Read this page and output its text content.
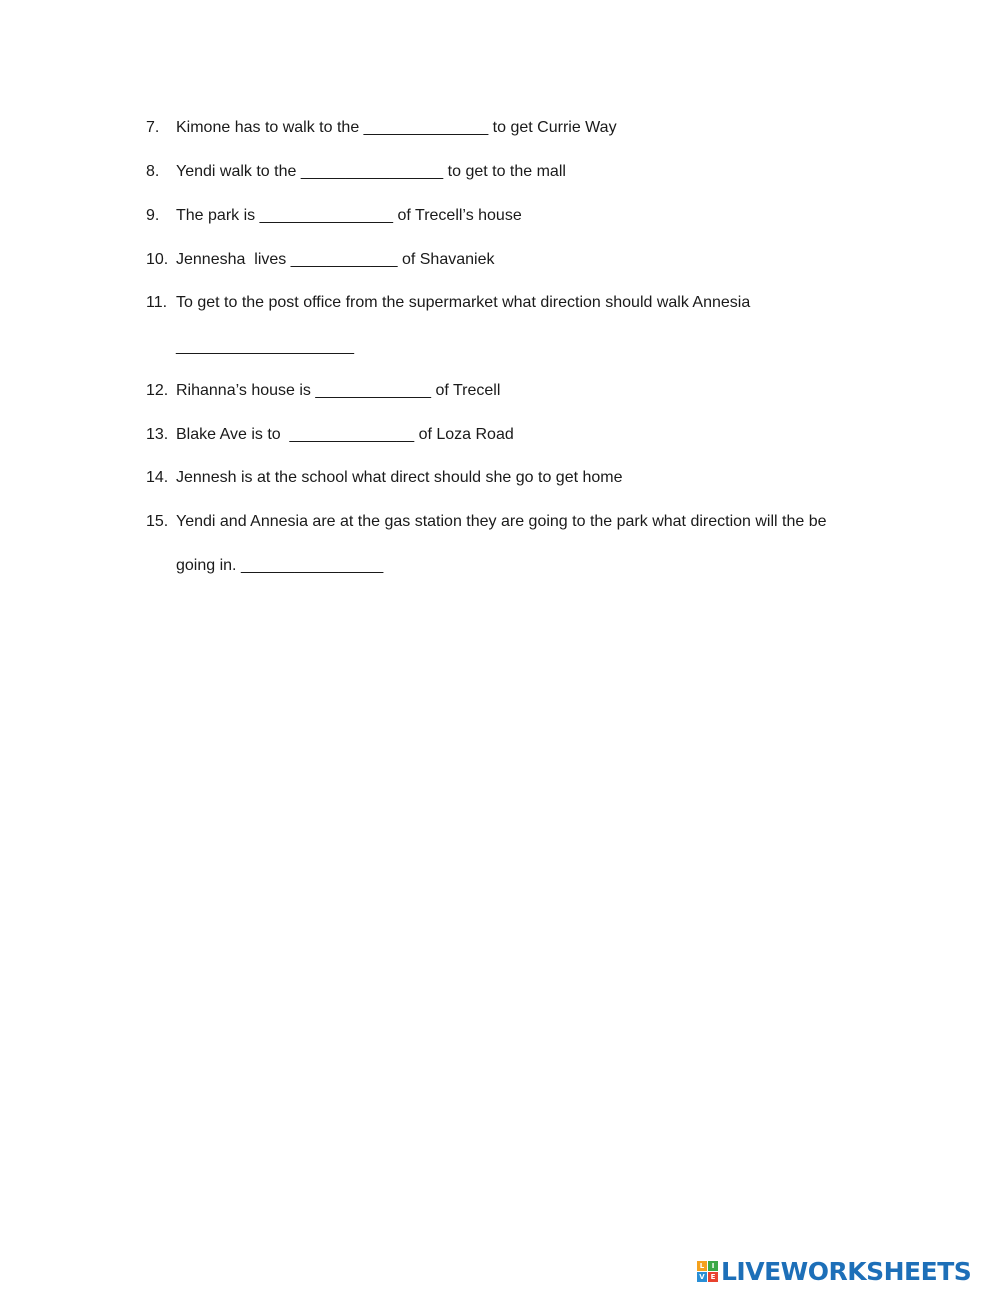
7. Kimone has to walk to the ______________ to get Currie Way
8. Yendi walk to the ________________ to get to the mall
9. The park is _______________ of Trecell’s house
10. Jennesha  lives ____________ of Shavaniek
11. To get to the post office from the supermarket what direction should walk Annesia
____________________
12. Rihanna’s house is _____________ of Trecell
13. Blake Ave is to  ______________ of Loza Road
14. Jennesh is at the school what direct should she go to get home
15. Yendi and Annesia are at the gas station they are going to the park what direction will the be
going in. ________________
L	I
V E LIVEWORKSHEETS
